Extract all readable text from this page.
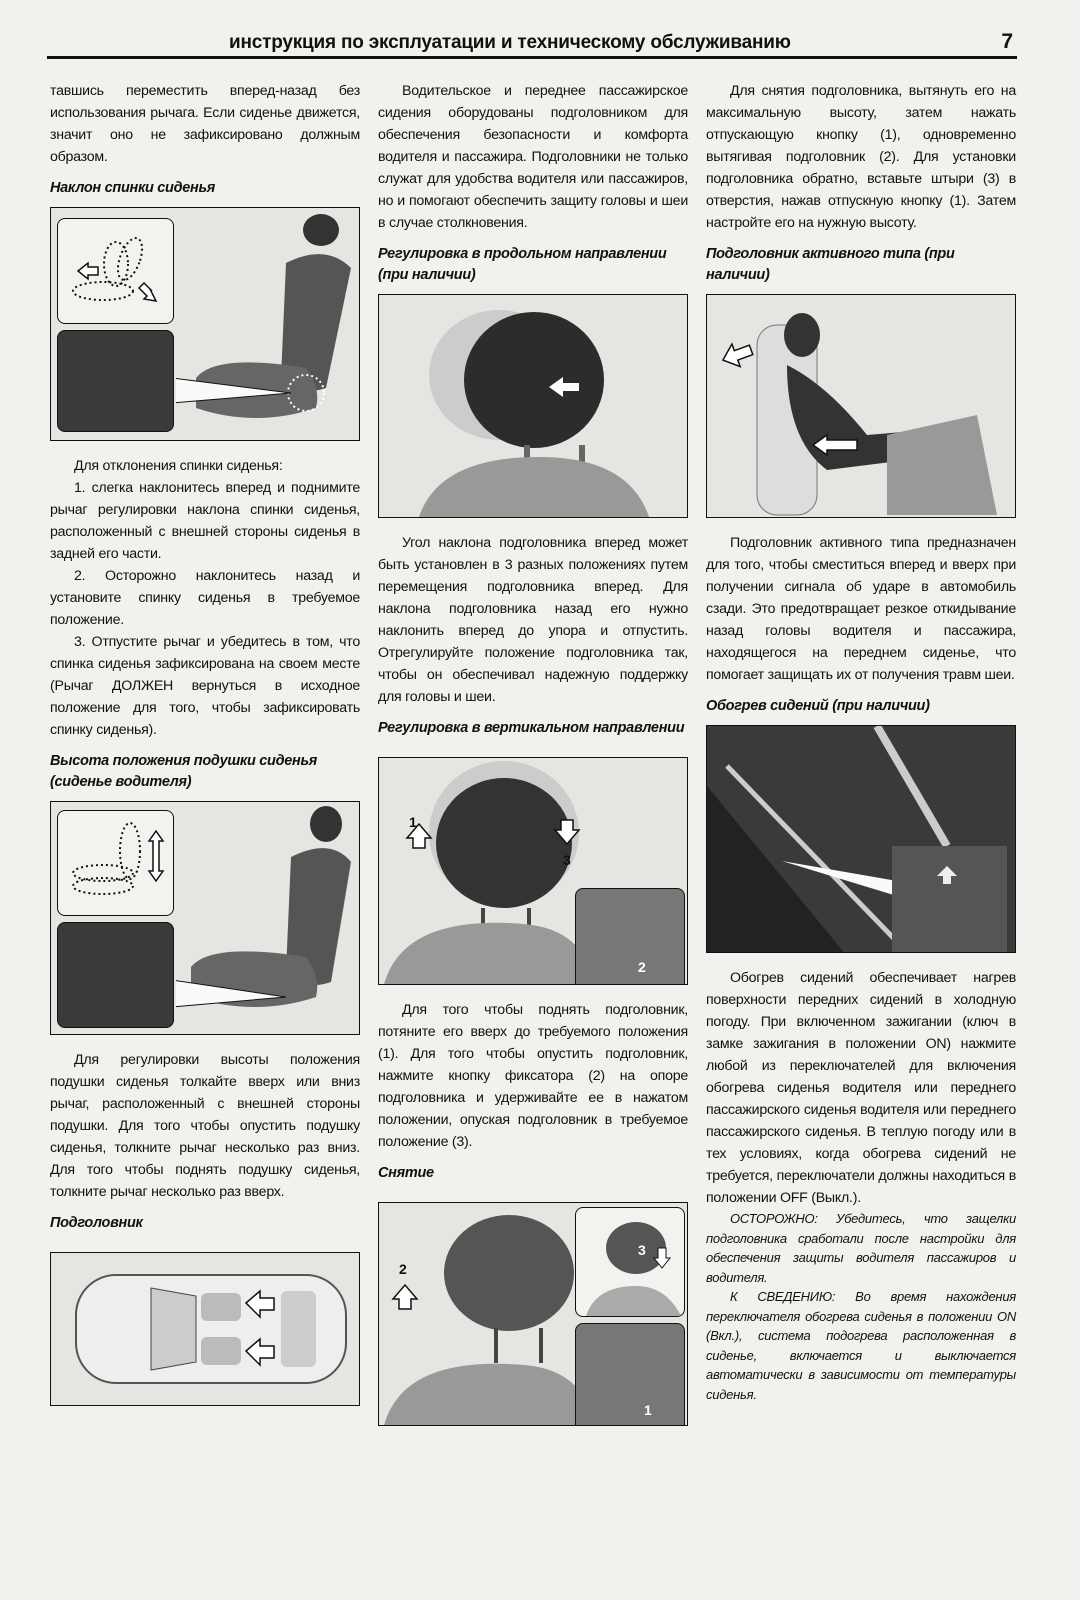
инструкция по эксплуатации и техническому обслуживанию	7

тавшись переместить вперед-назад без использования рычага. Если сиденье движется, значит оно не зафиксировано должным образом.

Наклон спинки сиденья

Для отклонения спинки сиденья:

1. слегка наклонитесь вперед и поднимите рычаг регулировки наклона спинки сиденья, расположенный с внешней стороны сиденья в задней его части.

2. Осторожно наклонитесь назад и установите спинку сиденья в требуемое положение.

3. Отпустите рычаг и убедитесь в том, что спинка сиденья зафиксирована на своем месте (Рычаг ДОЛЖЕН вернуться в исходное положение для того, чтобы зафиксировать спинку сиденья).

Высота положения подушки сиденья (сиденье водителя)

Для регулировки высоты положения подушки сиденья толкайте вверх или вниз рычаг, расположенный с внешней стороны подушки. Для того чтобы опустить подушку сиденья, толкните рычаг несколько раз вниз. Для того чтобы поднять подушку сиденья, толкните рычаг несколько раз вверх.

Подголовник

Водительское и переднее пассажирское сидения оборудованы подголовником для обеспечения безопасности и комфорта водителя и пассажира. Подголовники не только служат для удобства водителя или пассажиров, но и помогают обеспечить защиту головы и шеи в случае столкновения.

Регулировка в продольном направлении (при наличии)

Угол наклона подголовника вперед может быть установлен в 3 разных положениях путем перемещения подголовника вперед. Для наклона подголовника назад его нужно наклонить вперед до упора и отпустить. Отрегулируйте положение подголовника так, чтобы он обеспечивал надежную поддержку для головы и шеи.

Регулировка в вертикальном направлении
1
3
2

Для того чтобы поднять подголовник, потяните его вверх до требуемого положения (1). Для того чтобы опустить подголовник, нажмите кнопку фиксатора (2) на опоре подголовника и удерживайте ее в нажатом положении, опуская подголовник в требуемое положение (3).

Снятие
2
3
1

Для снятия подголовника, вытянуть его на максимальную высоту, затем нажать отпускающую кнопку (1), одновременно вытягивая подголовник (2). Для установки подголовника обратно, вставьте штыри (3) в отверстия, нажав отпускную кнопку (1). Затем настройте его на нужную высоту.

Подголовник активного типа (при наличии)

Подголовник активного типа предназначен для того, чтобы сместиться вперед и вверх при получении сигнала об ударе в автомобиль сзади. Это предотвращает резкое откидывание назад головы водителя и пассажира, находящегося на переднем сиденье, что помогает защищать их от получения травм шеи.

Обогрев сидений (при наличии)

Обогрев сидений обеспечивает нагрев поверхности передних сидений в холодную погоду. При включенном зажигании (ключ в замке зажигания в положении ON) нажмите любой из переключателей для включения обогрева сиденья водителя или переднего пассажирского сиденья водителя или переднего пассажирского сиденья. В теплую погоду или в тех условиях, когда обогрева сидений не требуется, переключатели должны находиться в положении OFF (Выкл.).

ОСТОРОЖНО: Убедитесь, что защелки подголовника сработали после настройки для обеспечения защиты водителя пассажиров и водителя.

К СВЕДЕНИЮ: Во время нахождения переключателя обогрева сиденья в положении ON (Вкл.), система подогрева расположенная в сиденье, включается и выключается автоматически в зависимости от температуры сиденья.
